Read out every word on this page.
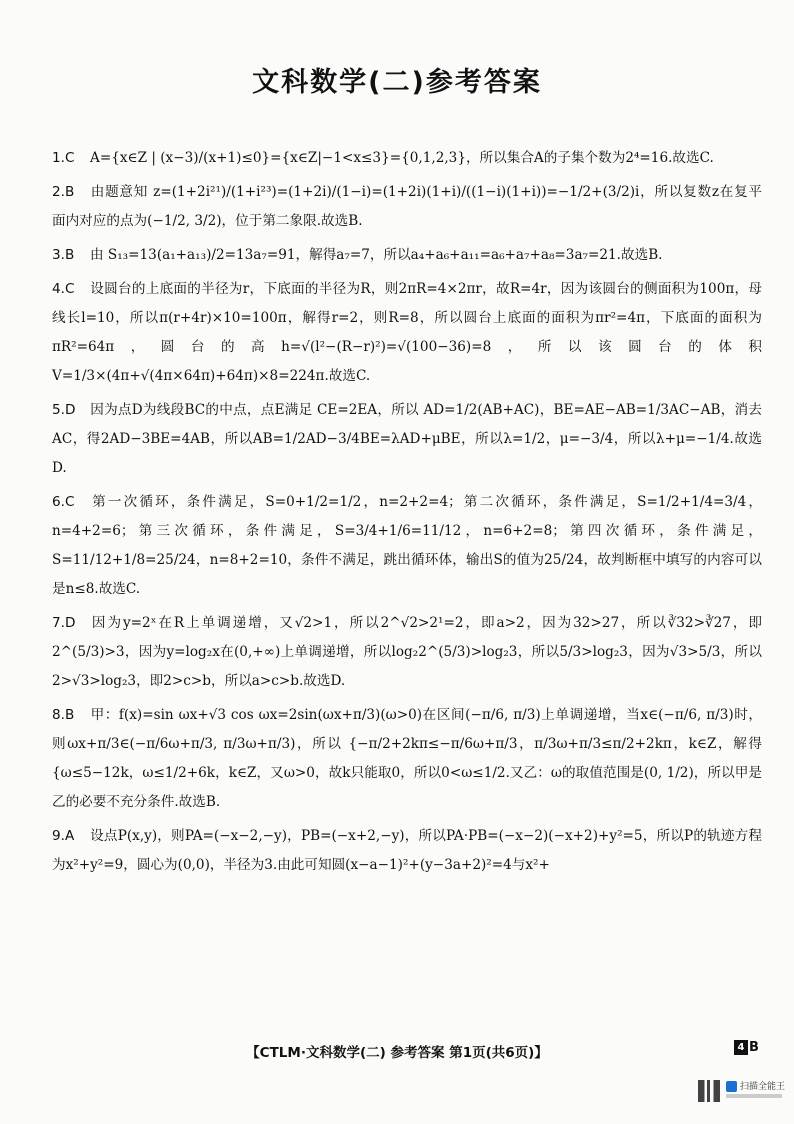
文科数学(二)参考答案

1.C A={x∈Z | (x−3)/(x+1)≤0}={x∈Z|−1<x≤3}={0,1,2,3}，所以集合A的子集个数为2⁴=16.故选C.

2.B 由题意知 z=(1+2i²¹)/(1+i²³)=(1+2i)/(1−i)=(1+2i)(1+i)/((1−i)(1+i))=−1/2+(3/2)i，所以复数z在复平面内对应的点为(−1/2, 3/2)，位于第二象限.故选B.

3.B 由 S₁₃=13(a₁+a₁₃)/2=13a₇=91，解得a₇=7，所以a₄+a₆+a₁₁=a₆+a₇+a₈=3a₇=21.故选B.

4.C 设圆台的上底面的半径为r，下底面的半径为R，则2πR=4×2πr，故R=4r，因为该圆台的侧面积为100π，母线长l=10，所以π(r+4r)×10=100π，解得r=2，则R=8，所以圆台上底面的面积为πr²=4π，下底面的面积为πR²=64π，圆台的高h=√(l²−(R−r)²)=√(100−36)=8，所以该圆台的体积V=1/3×(4π+√(4π×64π)+64π)×8=224π.故选C.

5.D 因为点D为线段BC的中点，点E满足 CE=2EA，所以 AD=1/2(AB+AC)，BE=AE−AB=1/3AC−AB，消去AC，得2AD−3BE=4AB，所以AB=1/2AD−3/4BE=λAD+μBE，所以λ=1/2，μ=−3/4，所以λ+μ=−1/4.故选D.

6.C 第一次循环，条件满足，S=0+1/2=1/2，n=2+2=4；第二次循环，条件满足，S=1/2+1/4=3/4，n=4+2=6；第三次循环，条件满足，S=3/4+1/6=11/12，n=6+2=8；第四次循环，条件满足，S=11/12+1/8=25/24，n=8+2=10，条件不满足，跳出循环体，输出S的值为25/24，故判断框中填写的内容可以是n≤8.故选C.

7.D 因为y=2ˣ在R上单调递增，又√2>1，所以2^√2>2¹=2，即a>2，因为32>27，所以∛32>∛27，即2^(5/3)>3，因为y=log₂x在(0,+∞)上单调递增，所以log₂2^(5/3)>log₂3，所以5/3>log₂3，因为√3>5/3，所以2>√3>log₂3，即2>c>b，所以a>c>b.故选D.

8.B 甲：f(x)=sin ωx+√3 cos ωx=2sin(ωx+π/3)(ω>0)在区间(−π/6, π/3)上单调递增，当x∈(−π/6, π/3)时，则ωx+π/3∈(−π/6ω+π/3, π/3ω+π/3)，所以 {−π/2+2kπ≤−π/6ω+π/3，π/3ω+π/3≤π/2+2kπ，k∈Z，解得 {ω≤5−12k，ω≤1/2+6k，k∈Z，又ω>0，故k只能取0，所以0<ω≤1/2.又乙：ω的取值范围是(0, 1/2)，所以甲是乙的必要不充分条件.故选B.

9.A 设点P(x,y)，则PA=(−x−2,−y)，PB=(−x+2,−y)，所以PA·PB=(−x−2)(−x+2)+y²=5，所以P的轨迹方程为x²+y²=9，圆心为(0,0)，半径为3.由此可知圆(x−a−1)²+(y−3a+2)²=4与x²+

【CTLM·文科数学(二) 参考答案 第1页(共6页)】	4 B
扫描全能王
